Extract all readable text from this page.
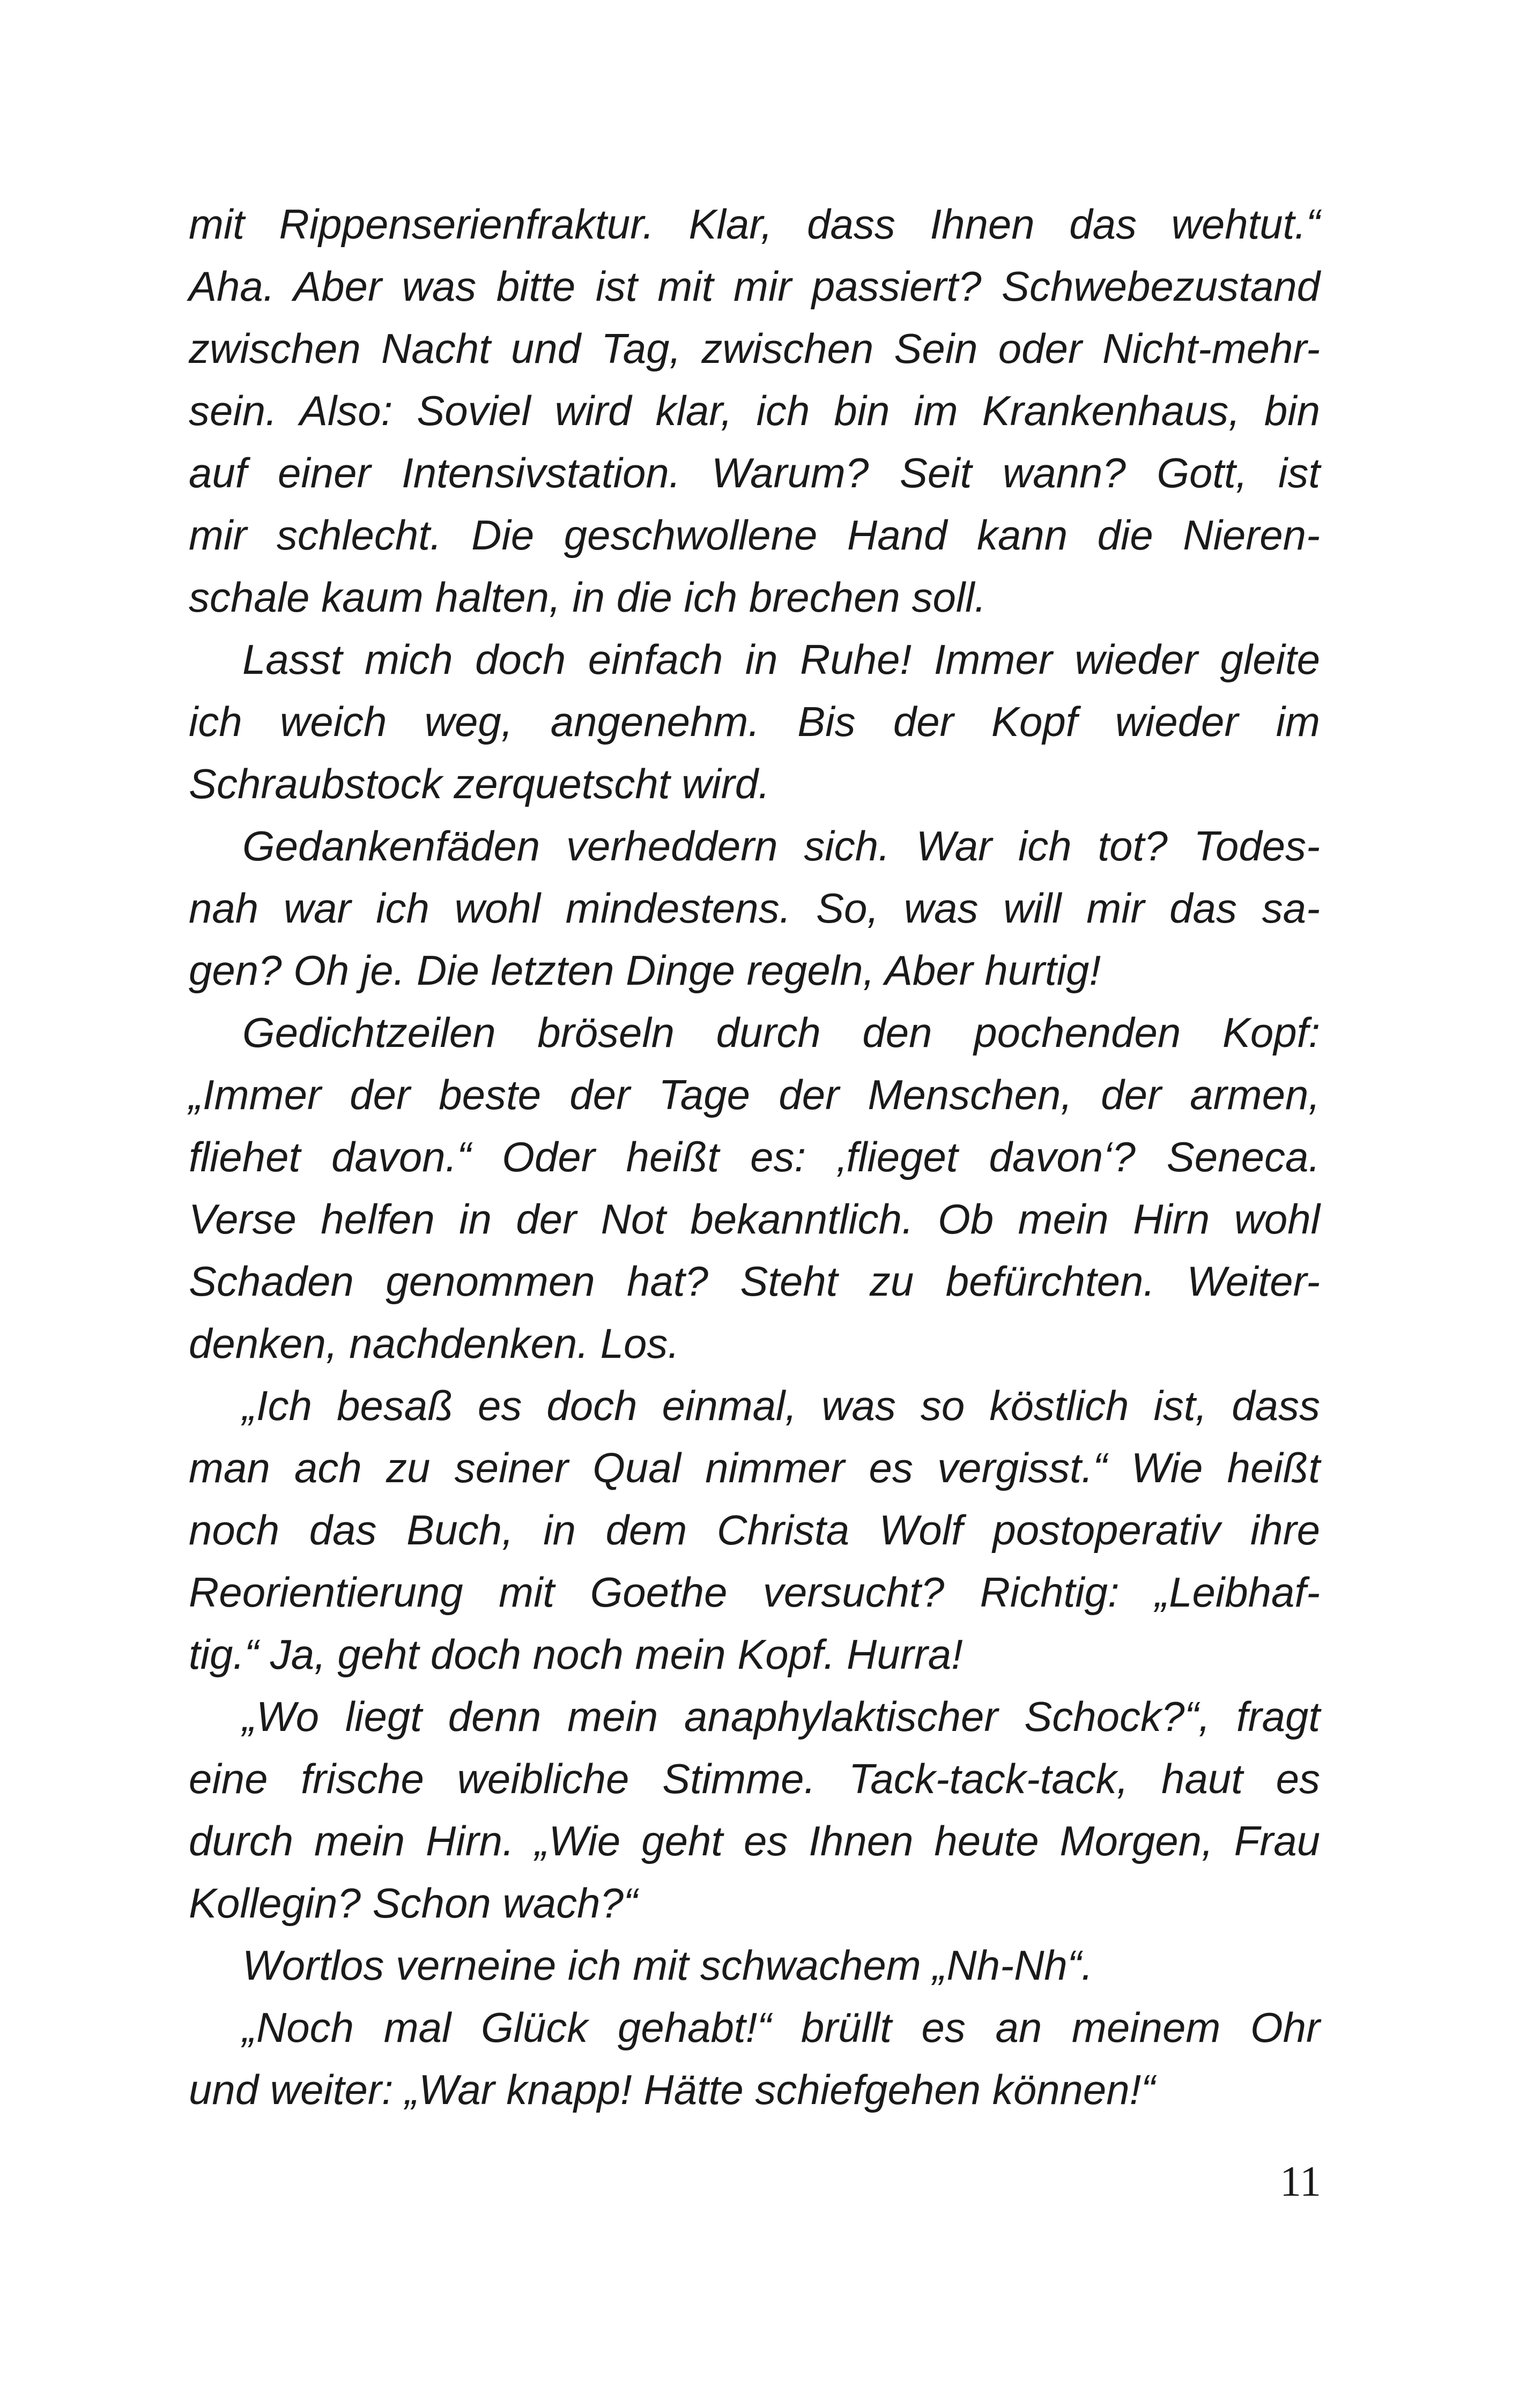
mit Rippenserienfraktur. Klar, dass Ihnen das wehtut.“
Aha. Aber was bitte ist mit mir passiert? Schwebezustand
zwischen Nacht und Tag, zwischen Sein oder Nicht-mehr-
sein. Also: Soviel wird klar, ich bin im Krankenhaus, bin
auf einer Intensivstation. Warum? Seit wann? Gott, ist
mir schlecht. Die geschwollene Hand kann die Nieren-
schale kaum halten, in die ich brechen soll.
Lasst mich doch einfach in Ruhe! Immer wieder gleite
ich weich weg, angenehm. Bis der Kopf wieder im
Schraubstock zerquetscht wird.
Gedankenfäden verheddern sich. War ich tot? Todes-
nah war ich wohl mindestens. So, was will mir das sa-
gen? Oh je. Die letzten Dinge regeln, Aber hurtig!
Gedichtzeilen bröseln durch den pochenden Kopf:
„Immer der beste der Tage der Menschen, der armen,
fliehet davon.“ Oder heißt es: ‚flieget davon‘? Seneca.
Verse helfen in der Not bekanntlich. Ob mein Hirn wohl
Schaden genommen hat? Steht zu befürchten. Weiter-
denken, nachdenken. Los.
„Ich besaß es doch einmal, was so köstlich ist, dass
man ach zu seiner Qual nimmer es vergisst.“ Wie heißt
noch das Buch, in dem Christa Wolf postoperativ ihre
Reorientierung mit Goethe versucht? Richtig: „Leibhaf-
tig.“ Ja, geht doch noch mein Kopf. Hurra!
„Wo liegt denn mein anaphylaktischer Schock?“, fragt
eine frische weibliche Stimme. Tack-tack-tack, haut es
durch mein Hirn. „Wie geht es Ihnen heute Morgen, Frau
Kollegin? Schon wach?“
Wortlos verneine ich mit schwachem „Nh-Nh“.
„Noch mal Glück gehabt!“ brüllt es an meinem Ohr
und weiter: „War knapp! Hätte schiefgehen können!“
11
